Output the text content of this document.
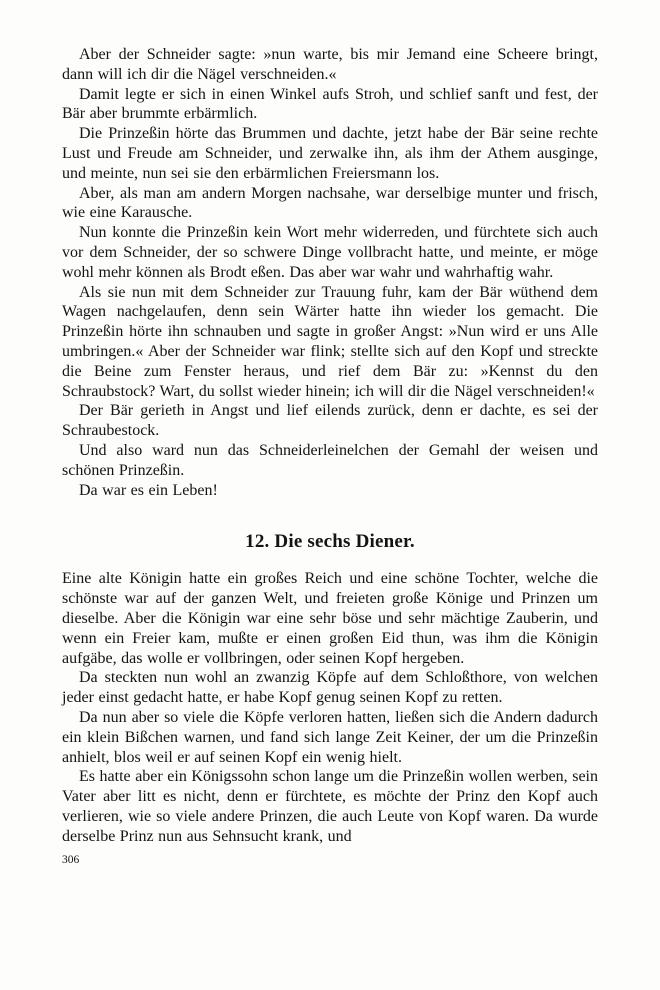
Aber der Schneider sagte: »nun warte, bis mir Jemand eine Scheere bringt, dann will ich dir die Nägel verschneiden.«

Damit legte er sich in einen Winkel aufs Stroh, und schlief sanft und fest, der Bär aber brummte erbärmlich.

Die Prinzeßin hörte das Brummen und dachte, jetzt habe der Bär seine rechte Lust und Freude am Schneider, und zerwalke ihn, als ihm der Athem ausginge, und meinte, nun sei sie den erbärmlichen Freiersmann los.

Aber, als man am andern Morgen nachsahe, war derselbige munter und frisch, wie eine Karausche.

Nun konnte die Prinzeßin kein Wort mehr widerreden, und fürchtete sich auch vor dem Schneider, der so schwere Dinge vollbracht hatte, und meinte, er möge wohl mehr können als Brodt eßen. Das aber war wahr und wahrhaftig wahr.

Als sie nun mit dem Schneider zur Trauung fuhr, kam der Bär wüthend dem Wagen nachgelaufen, denn sein Wärter hatte ihn wieder los gemacht. Die Prinzeßin hörte ihn schnauben und sagte in großer Angst: »Nun wird er uns Alle umbringen.« Aber der Schneider war flink; stellte sich auf den Kopf und streckte die Beine zum Fenster heraus, und rief dem Bär zu: »Kennst du den Schraubstock? Wart, du sollst wieder hinein; ich will dir die Nägel verschneiden!«

Der Bär gerieth in Angst und lief eilends zurück, denn er dachte, es sei der Schraubestock.

Und also ward nun das Schneiderleinelchen der Gemahl der weisen und schönen Prinzeßin.

Da war es ein Leben!

12. Die sechs Diener.

Eine alte Königin hatte ein großes Reich und eine schöne Tochter, welche die schönste war auf der ganzen Welt, und freieten große Könige und Prinzen um dieselbe. Aber die Königin war eine sehr böse und sehr mächtige Zauberin, und wenn ein Freier kam, mußte er einen großen Eid thun, was ihm die Königin aufgäbe, das wolle er vollbringen, oder seinen Kopf hergeben.

Da steckten nun wohl an zwanzig Köpfe auf dem Schloßthore, von welchen jeder einst gedacht hatte, er habe Kopf genug seinen Kopf zu retten.

Da nun aber so viele die Köpfe verloren hatten, ließen sich die Andern dadurch ein klein Bißchen warnen, und fand sich lange Zeit Keiner, der um die Prinzeßin anhielt, blos weil er auf seinen Kopf ein wenig hielt.

Es hatte aber ein Königssohn schon lange um die Prinzeßin wollen werben, sein Vater aber litt es nicht, denn er fürchtete, es möchte der Prinz den Kopf auch verlieren, wie so viele andere Prinzen, die auch Leute von Kopf waren. Da wurde derselbe Prinz nun aus Sehnsucht krank, und

306
